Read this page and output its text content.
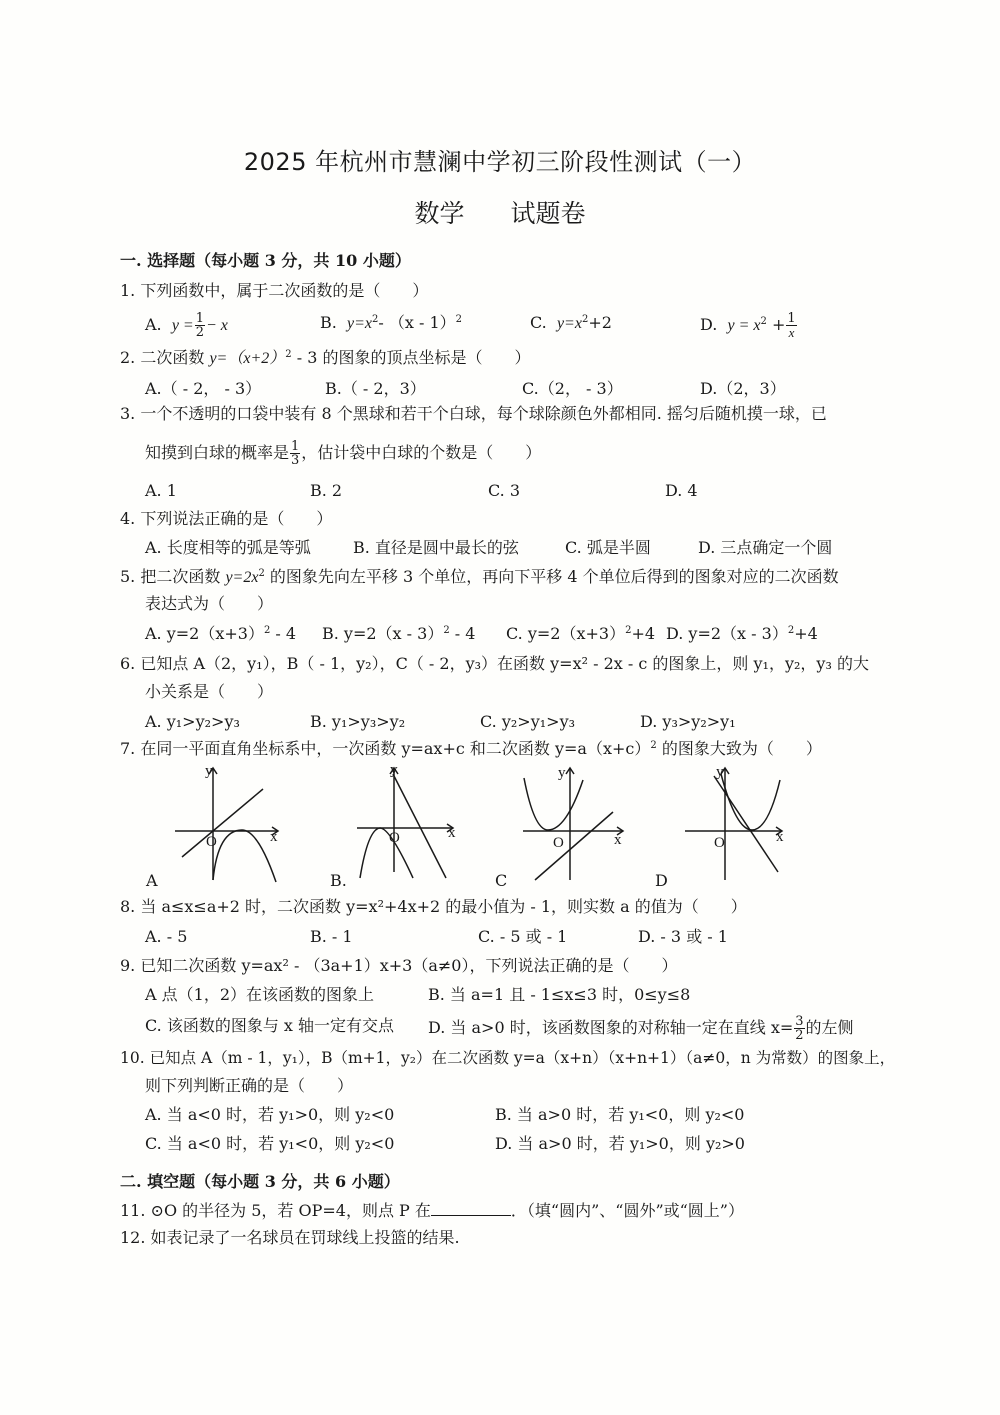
2025 年杭州市慧澜中学初三阶段性测试（一）
数学 试题卷
一. 选择题（每小题 3 分，共 10 小题）
1. 下列函数中，属于二次函数的是（　　）
A. $y = \frac{1}{2} - x$	B. $y=x^2-$ （x - 1）$^2$	C. $y=x^2+2$	D. $y = x^2 + \frac{1}{x}$
2. 二次函数 $y=(x+2)^2 - 3$ 的图象的顶点坐标是（　　）
A.（ - 2， - 3）	B.（ - 2，3）	C.（2， - 3）	D.（2，3）
3. 一个不透明的口袋中装有 8 个黑球和若干个白球，每个球除颜色外都相同. 摇匀后随机摸一球，已
知摸到白球的概率是 $\frac{1}{3}$ ，估计袋中白球的个数是（　　）
A. 1	B. 2	C. 3	D. 4
4. 下列说法正确的是（　　）
A. 长度相等的弧是等弧	B. 直径是圆中最长的弦	C. 弧是半圆	D. 三点确定一个圆
5. 把二次函数 $y=2x^2$ 的图象先向左平移 3 个单位，再向下平移 4 个单位后得到的图象对应的二次函数
表达式为（　　）
A. $y=2(x+3)^2 - 4$ B. y=2（x - 3）$^2$ - 4 C. $y=2(x+3)^2+4$ D. y=2（x - 3）$^2$+4
6. 已知点 A（2，y₁），B（ - 1，y₂），C（ - 2，y₃）在函数 y=x² - 2x - c 的图象上，则 y₁，y₂，y₃ 的大
小关系是（　　）
A. y₁>y₂>y₃	B. y₁>y₃>y₂	C. y₂>y₁>y₃	D. y₃>y₂>y₁
7. 在同一平面直角坐标系中，一次函数 y=ax+c 和二次函数 $y=a(x+c)^2$ 的图象大致为（　　）
y
x
O
A
y
x
O
B.
y
x
O
C
y
x
O
D
8. 当 a≤x≤a+2 时，二次函数 y=x²+4x+2 的最小值为 - 1，则实数 a 的值为（　　）
A. - 5	B. - 1	C. - 5 或 - 1	D. - 3 或 - 1
9. 已知二次函数 y=ax² - （3a+1）x+3（a≠0），下列说法正确的是（　　）
A 点（1，2）在该函数的图象上	B. 当 a=1 且 - 1≤x≤3 时，0≤y≤8
C. 该函数的图象与 x 轴一定有交点 D. 当 a>0 时，该函数图象的对称轴一定在直线 $x= \frac{3}{2}$ 的左侧
10. 已知点 A（m - 1，y₁），B（m+1，y₂）在二次函数 y=a（x+n）（x+n+1）（a≠0，n 为常数）的图象上，
则下列判断正确的是（　　）
A. 当 a<0 时，若 y₁>0，则 y₂<0	B. 当 a>0 时，若 y₁<0，则 y₂<0
C. 当 a<0 时，若 y₁<0，则 y₂<0	D. 当 a>0 时，若 y₁>0，则 y₂>0
二. 填空题（每小题 3 分，共 6 小题）
11. ⊙O 的半径为 5，若 OP=4，则点 P 在	．（填“圆内”、“圆外”或“圆上”）
12. 如表记录了一名球员在罚球线上投篮的结果.
